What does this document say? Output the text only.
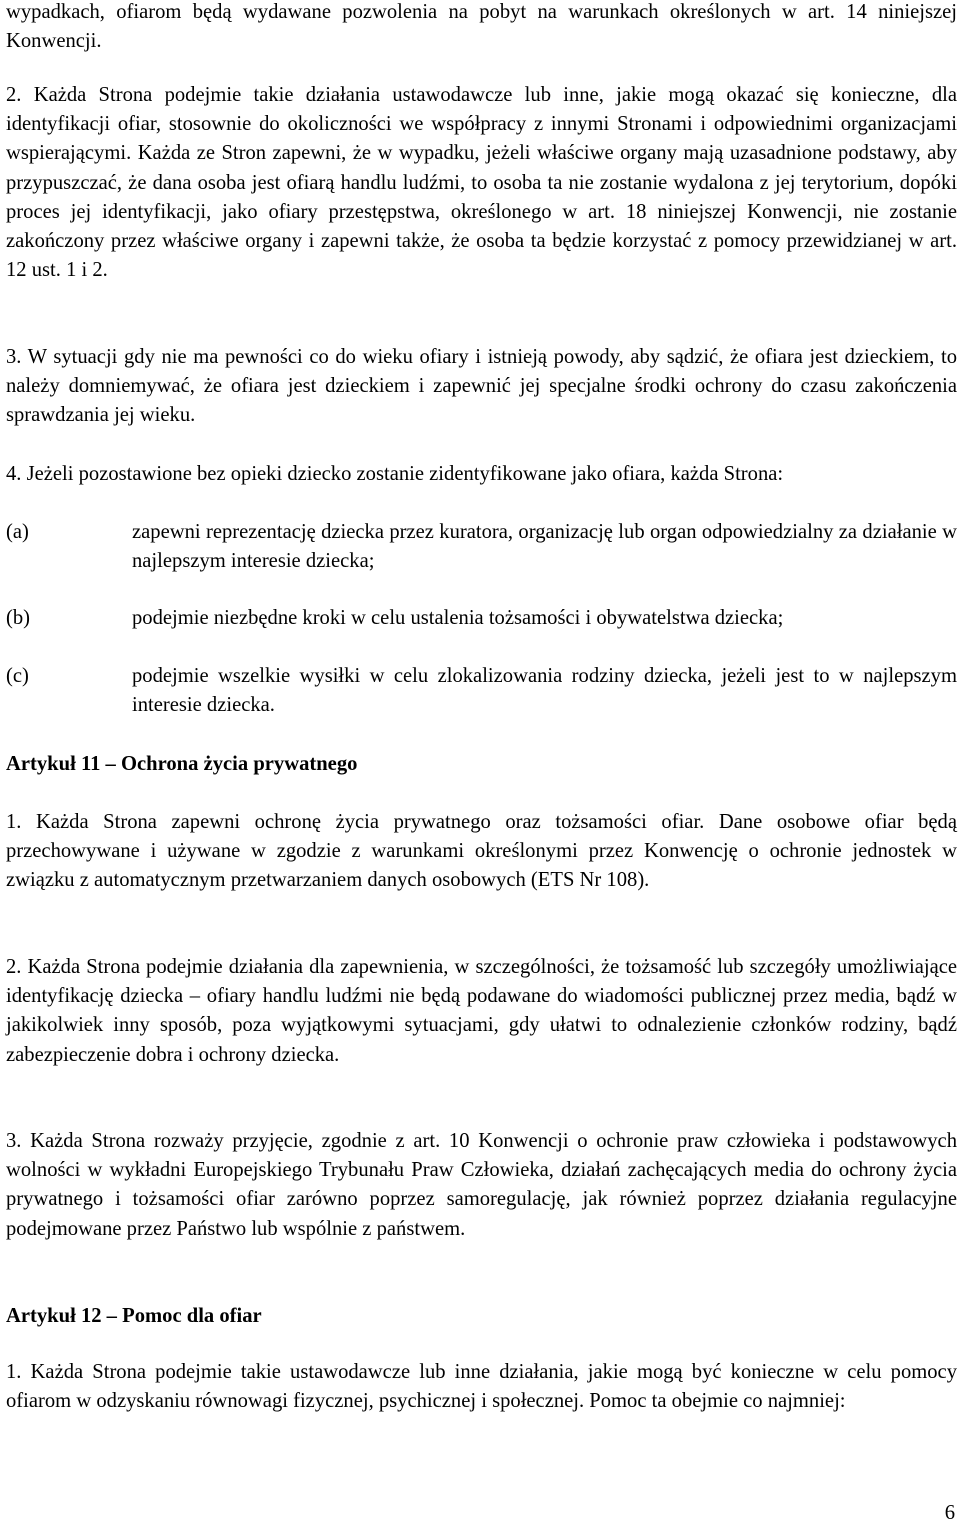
wypadkach, ofiarom będą wydawane pozwolenia na pobyt na warunkach określonych w art. 14 niniejszej Konwencji.

2. Każda Strona podejmie takie działania ustawodawcze lub inne, jakie mogą okazać się konieczne, dla identyfikacji ofiar, stosownie do okoliczności we współpracy z innymi Stronami i odpowiednimi organizacjami wspierającymi. Każda ze Stron zapewni, że w wypadku, jeżeli właściwe organy mają uzasadnione podstawy, aby przypuszczać, że dana osoba jest ofiarą handlu ludźmi, to osoba ta nie zostanie wydalona z jej terytorium, dopóki proces jej identyfikacji, jako ofiary przestępstwa, określonego w art. 18 niniejszej Konwencji, nie zostanie zakończony przez właściwe organy i zapewni także, że osoba ta będzie korzystać z pomocy przewidzianej w art. 12 ust. 1 i 2.

3. W sytuacji gdy nie ma pewności co do wieku ofiary i istnieją powody, aby sądzić, że ofiara jest dzieckiem, to należy domniemywać, że ofiara jest dzieckiem i zapewnić jej specjalne środki ochrony do czasu zakończenia sprawdzania jej wieku.

4. Jeżeli pozostawione bez opieki dziecko zostanie zidentyfikowane jako ofiara, każda Strona:

(a)	zapewni reprezentację dziecka przez kuratora, organizację lub organ odpowiedzialny za działanie w najlepszym interesie dziecka;
(b)	podejmie niezbędne kroki w celu ustalenia tożsamości i obywatelstwa dziecka;
(c)	podejmie wszelkie wysiłki w celu zlokalizowania rodziny dziecka, jeżeli jest to w najlepszym interesie dziecka.

Artykuł 11 – Ochrona życia prywatnego

1. Każda Strona zapewni ochronę życia prywatnego oraz tożsamości ofiar. Dane osobowe ofiar będą przechowywane i używane w zgodzie z warunkami określonymi przez Konwencję o ochronie jednostek w związku z automatycznym przetwarzaniem danych osobowych (ETS Nr 108).

2. Każda Strona podejmie działania dla zapewnienia, w szczególności, że tożsamość lub szczegóły umożliwiające identyfikację dziecka – ofiary handlu ludźmi nie będą podawane do wiadomości publicznej przez media, bądź w jakikolwiek inny sposób, poza wyjątkowymi sytuacjami, gdy ułatwi to odnalezienie członków rodziny, bądź zabezpieczenie dobra i ochrony dziecka.

3. Każda Strona rozważy przyjęcie, zgodnie z art. 10 Konwencji o ochronie praw człowieka i podstawowych wolności w wykładni Europejskiego Trybunału Praw Człowieka, działań zachęcających media do ochrony życia prywatnego i tożsamości ofiar zarówno poprzez samoregulację, jak również poprzez działania regulacyjne podejmowane przez Państwo lub wspólnie z państwem.

Artykuł 12 – Pomoc dla ofiar

1. Każda Strona podejmie takie ustawodawcze lub inne działania, jakie mogą być konieczne w celu pomocy ofiarom w odzyskaniu równowagi fizycznej, psychicznej i społecznej. Pomoc ta obejmie co najmniej:

6
